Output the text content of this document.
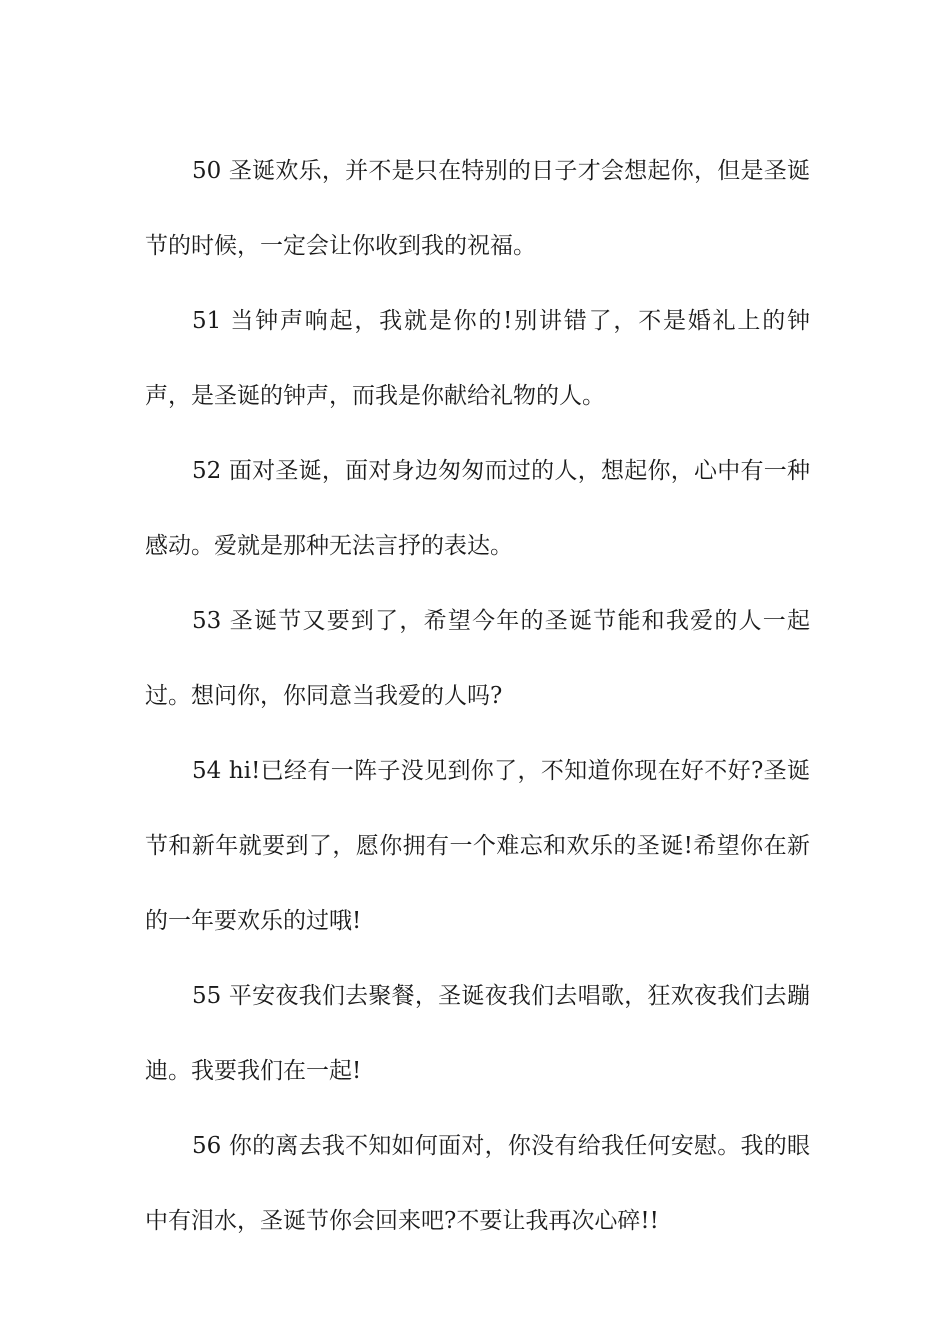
50 圣诞欢乐，并不是只在特别的日子才会想起你，但是圣诞节的时候，一定会让你收到我的祝福。

51 当钟声响起，我就是你的!别讲错了，不是婚礼上的钟声，是圣诞的钟声，而我是你献给礼物的人。

52 面对圣诞，面对身边匆匆而过的人，想起你，心中有一种感动。爱就是那种无法言抒的表达。

53 圣诞节又要到了，希望今年的圣诞节能和我爱的人一起过。想问你，你同意当我爱的人吗?

54 hi!已经有一阵子没见到你了，不知道你现在好不好?圣诞节和新年就要到了，愿你拥有一个难忘和欢乐的圣诞!希望你在新的一年要欢乐的过哦!

55 平安夜我们去聚餐，圣诞夜我们去唱歌，狂欢夜我们去蹦迪。我要我们在一起!

56 你的离去我不知如何面对，你没有给我任何安慰。我的眼中有泪水，圣诞节你会回来吧?不要让我再次心碎!!
